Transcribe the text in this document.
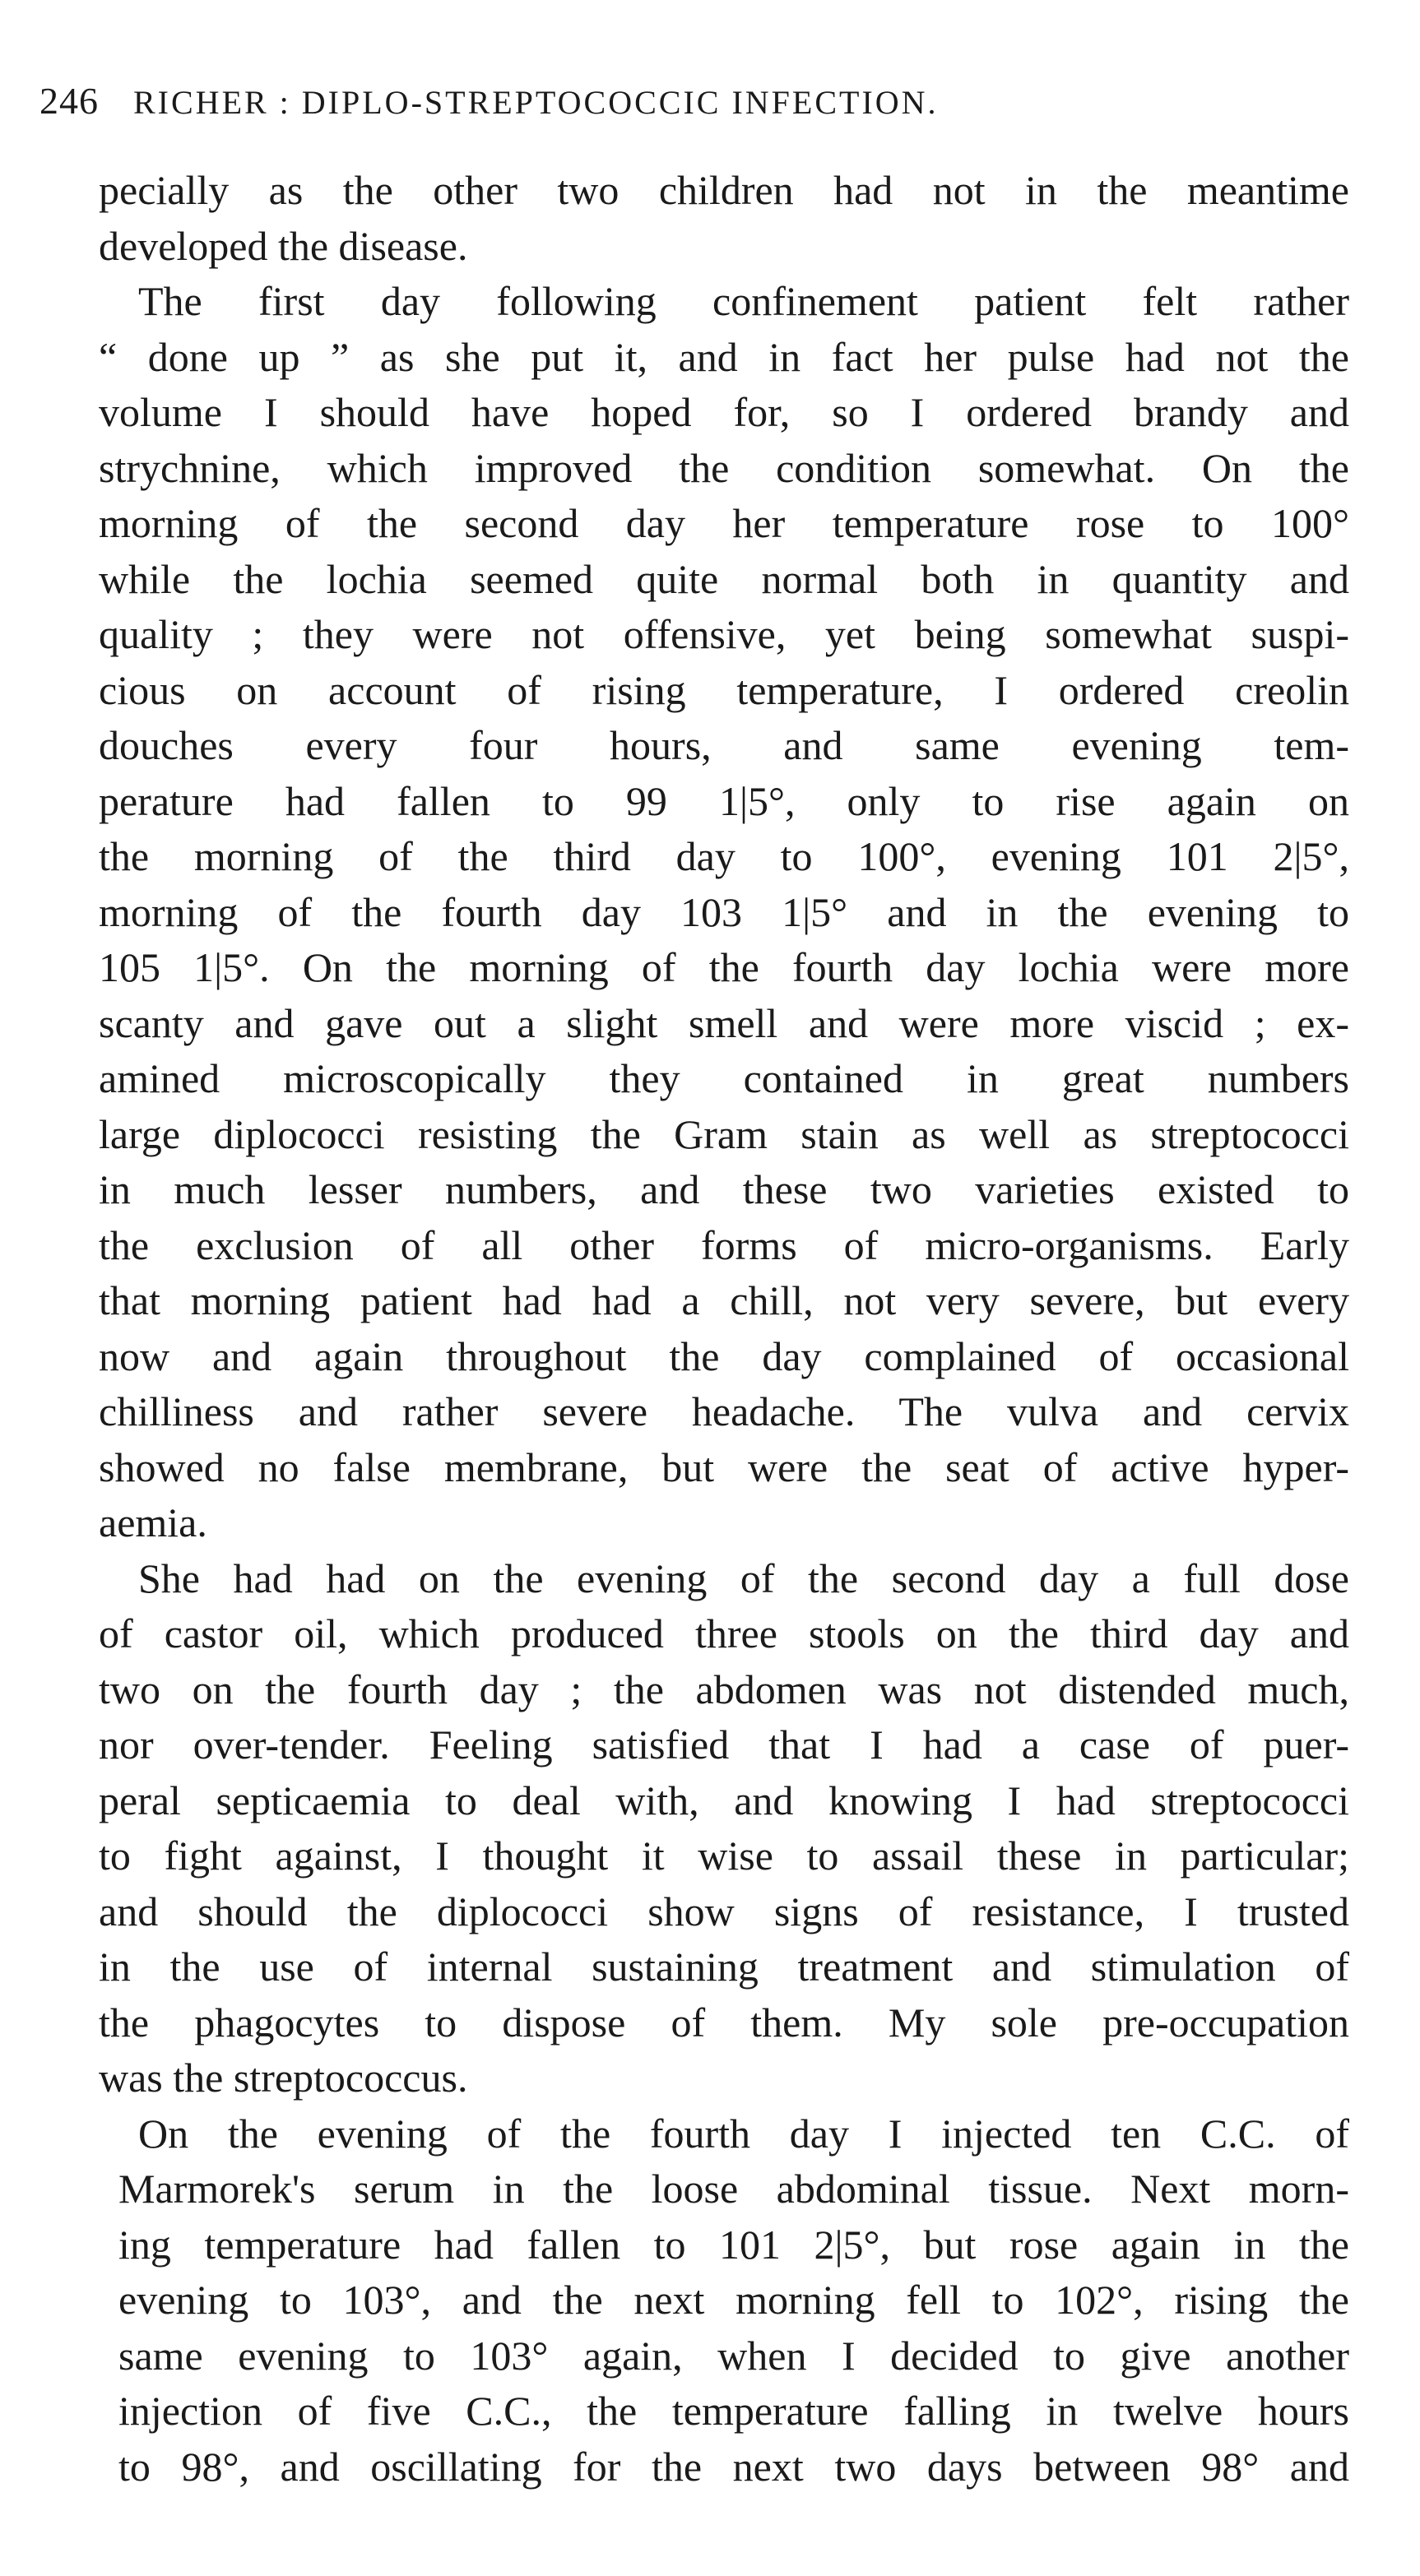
246 RICHER : DIPLO-STREPTOCOCCIC INFECTION.
pecially as the other two children had not in the meantime
developed the disease.
The first day following confinement patient felt rather
“ done up ” as she put it, and in fact her pulse had not the
volume I should have hoped for, so I ordered brandy and
strychnine, which improved the condition somewhat. On the
morning of the second day her temperature rose to 100°
while the lochia seemed quite normal both in quantity and
quality ; they were not offensive, yet being somewhat suspi-
cious on account of rising temperature, I ordered creolin
douches every four hours, and same evening tem-
perature had fallen to 99 1|5°, only to rise again on
the morning of the third day to 100°, evening 101 2|5°,
morning of the fourth day 103 1|5° and in the evening to
105 1|5°. On the morning of the fourth day lochia were more
scanty and gave out a slight smell and were more viscid ; ex-
amined microscopically they contained in great numbers
large diplococci resisting the Gram stain as well as streptococci
in much lesser numbers, and these two varieties existed to
the exclusion of all other forms of micro-organisms. Early
that morning patient had had a chill, not very severe, but every
now and again throughout the day complained of occasional
chilliness and rather severe headache. The vulva and cervix
showed no false membrane, but were the seat of active hyper-
aemia.
She had had on the evening of the second day a full dose
of castor oil, which produced three stools on the third day and
two on the fourth day ; the abdomen was not distended much,
nor over-tender. Feeling satisfied that I had a case of puer-
peral septicaemia to deal with, and knowing I had streptococci
to fight against, I thought it wise to assail these in particular;
and should the diplococci show signs of resistance, I trusted
in the use of internal sustaining treatment and stimulation of
the phagocytes to dispose of them. My sole pre-occupation
was the streptococcus.
On the evening of the fourth day I injected ten C.C. of
Marmorek's serum in the loose abdominal tissue. Next morn-
ing temperature had fallen to 101 2|5°, but rose again in the
evening to 103°, and the next morning fell to 102°, rising the
same evening to 103° again, when I decided to give another
injection of five C.C., the temperature falling in twelve hours
to 98°, and oscillating for the next two days between 98° and
